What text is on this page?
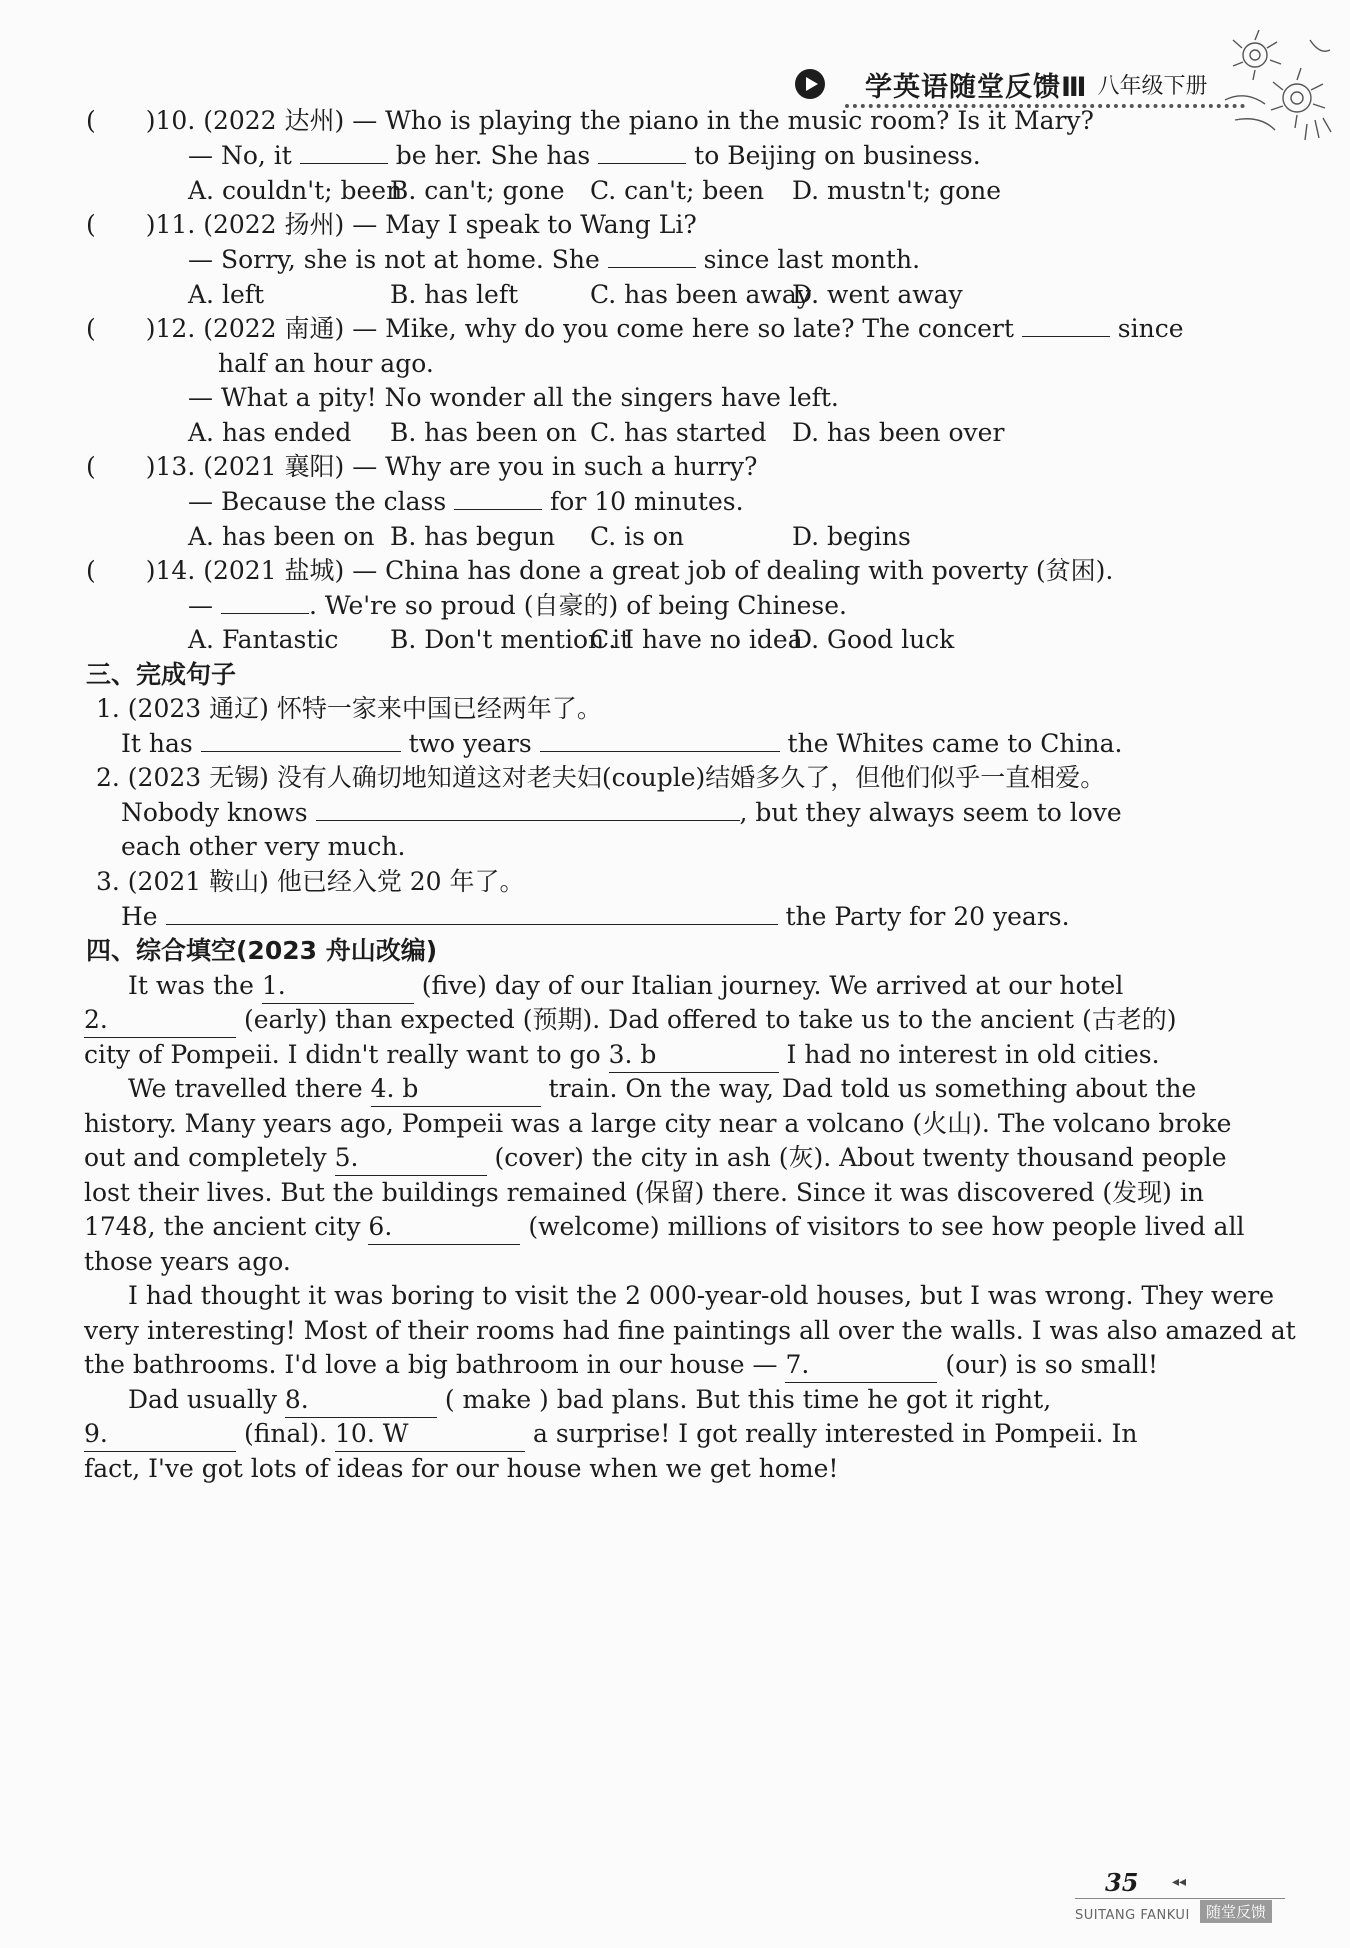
学英语随堂反馈Ⅲ 八年级下册
(　　)10. (2022 达州) — Who is playing the piano in the music room? Is it Mary?
— No, it	be her. She has	to Beijing on business.
A. couldn't; been
B. can't; gone C. can't; been D. mustn't; gone
(　　)11. (2022 扬州) — May I speak to Wang Li?
— Sorry, she is not at home. She	since last month.
A. left	B. has left	C. has been away
D. went away
(　　)12. (2022 南通) — Mike, why do you come here so late? The concert	since
half an hour ago.
— What a pity! No wonder all the singers have left.
A. has ended B. has been on C. has started D. has been over
(　　)13. (2021 襄阳) — Why are you in such a hurry?
— Because the class	for 10 minutes.
A. has been on B. has begun C. is on	D. begins
(　　)14. (2021 盐城) — China has done a great job of dealing with poverty (贫困).
—	. We're so proud (自豪的) of being Chinese.
A. Fantastic B. Don't mention it
C. I have no idea
D. Good luck
三、完成句子
1. (2023 通辽) 怀特一家来中国已经两年了。
It has	two years	the Whites came to China.
2. (2023 无锡) 没有人确切地知道这对老夫妇(couple)结婚多久了，但他们似乎一直相爱。
Nobody knows	, but they always seem to love
each other very much.
3. (2021 鞍山) 他已经入党 20 年了。
He	the Party for 20 years.
四、综合填空(2023 舟山改编)
It was the 1.	(five) day of our Italian journey. We arrived at our hotel
2.	(early) than expected (预期). Dad offered to take us to the ancient (古老的)
city of Pompeii. I didn't really want to go 3. b	I had no interest in old cities.
We travelled there 4. b	train. On the way, Dad told us something about the
history. Many years ago, Pompeii was a large city near a volcano (火山). The volcano broke
out and completely 5.	(cover) the city in ash (灰). About twenty thousand people
lost their lives. But the buildings remained (保留) there. Since it was discovered (发现) in
1748, the ancient city 6.	(welcome) millions of visitors to see how people lived all
those years ago.
I had thought it was boring to visit the 2 000-year-old houses, but I was wrong. They were
very interesting! Most of their rooms had fine paintings all over the walls. I was also amazed at
the bathrooms. I'd love a big bathroom in our house — 7.	(our) is so small!
Dad usually 8.	( make ) bad plans. But this time he got it right,
9.	(final). 10. W	a surprise! I got really interested in Pompeii. In
fact, I've got lots of ideas for our house when we get home!
35 ◂◂
SUITANG FANKUI	随堂反馈
